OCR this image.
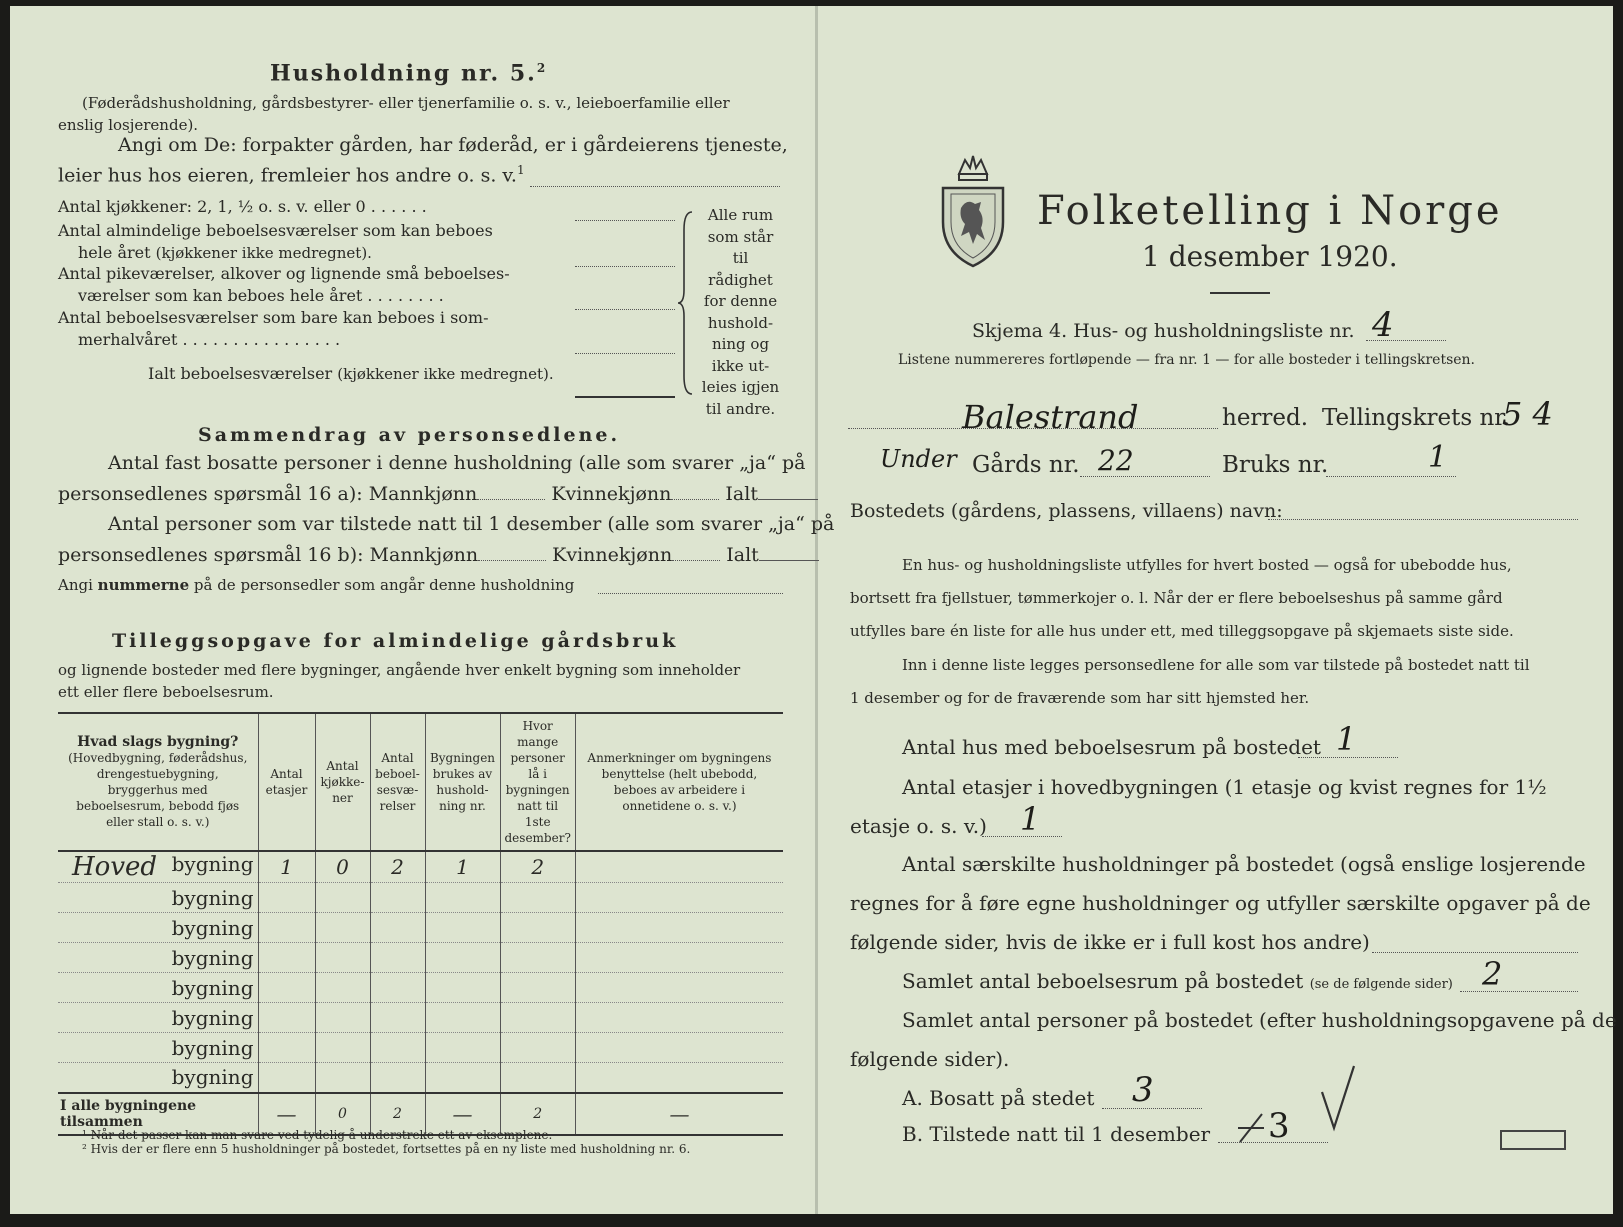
Husholdning nr. 5.$^2$
(Føderådshusholdning, gårdsbestyrer- eller tjenerfamilie o. s. v., leieboerfamilie eller
enslig losjerende).
Angi om De: forpakter gården, har føderåd, er i gårdeierens tjeneste,
leier hus hos eieren, fremleier hos andre o. s. v.$^1$
Antal kjøkkener: 2, 1, ½ o. s. v. eller 0 . . . . . .
Antal almindelige beboelsesværelser som kan beboes
hele året (kjøkkener ikke medregnet).
Antal pikeværelser, alkover og lignende små beboelses-
værelser som kan beboes hele året . . . . . . . .
Antal beboelsesværelser som bare kan beboes i som-
merhalvåret . . . . . . . . . . . . . . . .
Ialt beboelsesværelser (kjøkkener ikke medregnet).
Alle rum
som står til
rådighet
for denne
hushold-
ning og
ikke ut-
leies igjen
til andre.
Sammendrag av personsedlene.
Antal fast bosatte personer i denne husholdning (alle som svarer „ja“ på
personsedlenes spørsmål 16 a): Mannkjønn	Kvinnekjønn	Ialt
Antal personer som var tilstede natt til 1 desember (alle som svarer „ja“ på
personsedlenes spørsmål 16 b): Mannkjønn	Kvinnekjønn	Ialt
Angi nummerne på de personsedler som angår denne husholdning
Tilleggsopgave for almindelige gårdsbruk
og lignende bosteder med flere bygninger, angående hver enkelt bygning som inneholder
ett eller flere beboelsesrum.
Hvad slags bygning?
(Hovedbygning, føderådshus, drengestuebygning, bryggerhus med beboelsesrum, bebodd fjøs eller stall o. s. v.)	Antal etasjer	Antal kjøkke-ner	Antal beboel-sesvæ-relser	Bygningen brukes av hushold-ning nr.	Hvor mange personer lå i bygningen natt til 1ste desember?	Anmerkninger om bygningens benyttelse (helt ubebodd, beboes av arbeidere i onnetidene o. s. v.)

Hoved bygning	1	0	2	1	2	
bygning						
bygning						
bygning						
bygning						
bygning						
bygning						
bygning						
I alle bygningene tilsammen	—	0	2	—	2	—
¹ Når det passer kan man svare ved tydelig å understreke ett av eksemplene.
² Hvis der er flere enn 5 husholdninger på bostedet, fortsettes på en ny liste med husholdning nr. 6.
Folketelling i Norge
1 desember 1920.
Skjema 4. Hus- og husholdningsliste nr. 4
Listene nummereres fortløpende — fra nr. 1 — for alle bosteder i tellingskretsen.
Balestrand	herred. Tellingskrets nr.
5 4
Under Gårds nr. 22	Bruks nr.	1
Bostedets (gårdens, plassens, villaens) navn:
En hus- og husholdningsliste utfylles for hvert bosted — også for ubebodde hus,
bortsett fra fjellstuer, tømmerkojer o. l. Når der er flere beboelseshus på samme gård
utfylles bare én liste for alle hus under ett, med tilleggsopgave på skjemaets siste side.
Inn i denne liste legges personsedlene for alle som var tilstede på bostedet natt til
1 desember og for de fraværende som har sitt hjemsted her.
Antal hus med beboelsesrum på bostedet 1
Antal etasjer i hovedbygningen (1 etasje og kvist regnes for 1½
etasje o. s. v.) 1
Antal særskilte husholdninger på bostedet (også enslige losjerende
regnes for å føre egne husholdninger og utfyller særskilte opgaver på de
følgende sider, hvis de ikke er i full kost hos andre)
Samlet antal beboelsesrum på bostedet (se de følgende sider) 2
Samlet antal personer på bostedet (efter husholdningsopgavene på de
følgende sider).
A. Bosatt på stedet 3
B. Tilstede natt til 1 desember 3
